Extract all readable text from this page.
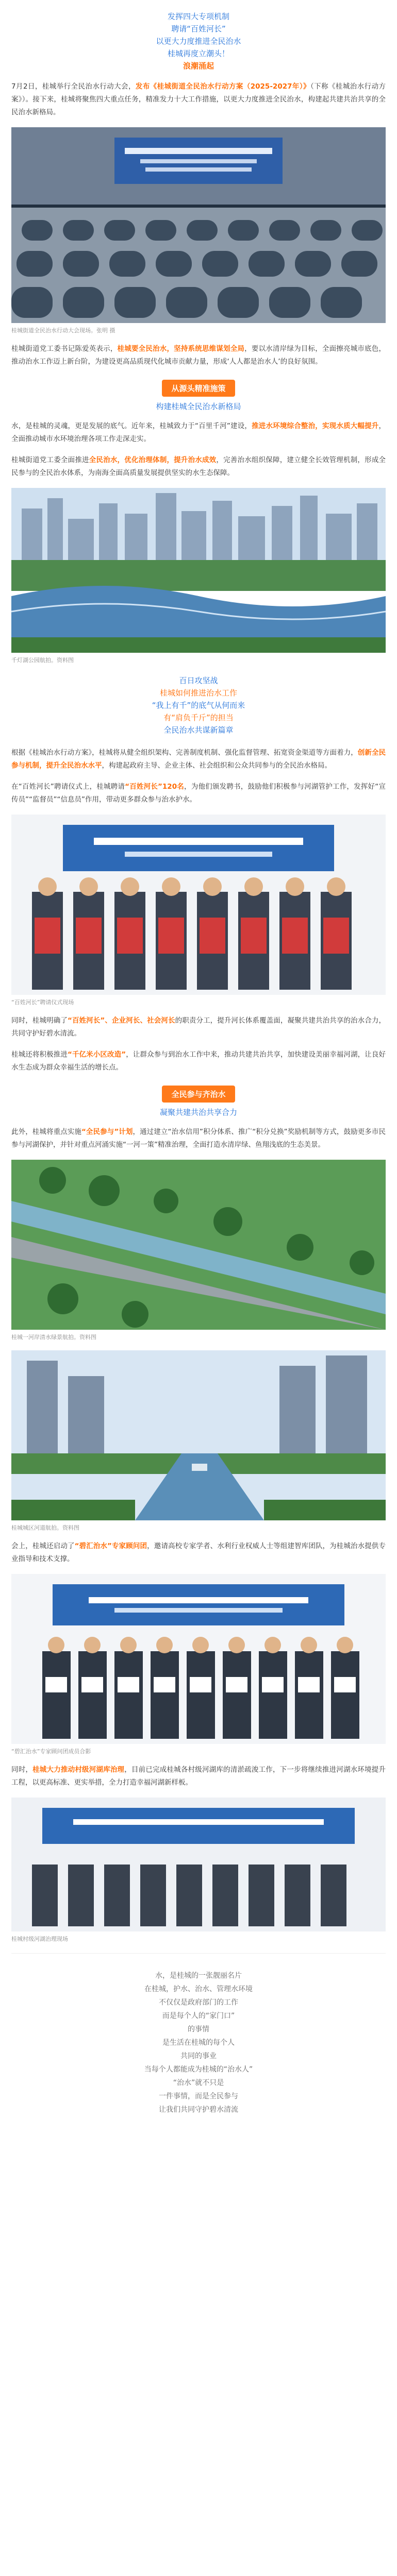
发挥四大专项机制
聘请“百姓河长”
以更大力度推进全民治水
桂城再度立潮头！
浪潮涌起

7月2日，桂城举行全民治水行动大会，发布《桂城街道全民治水行动方案（2025-2027年）》（下称《桂城治水行动方案》）。接下来，桂城将聚焦四大重点任务，精准发力十大工作措施，以更大力度推进全民治水，构建起共建共治共享的全民治水新格局。

桂城街道全民治水行动大会现场。张明 摄

桂城街道党工委书记陈爱英表示，桂城要全民治水，坚持系统思维谋划全局，要以水清岸绿为目标，全面擦亮城市底色，推动治水工作迈上新台阶，为建设更高品质现代化城市贡献力量，形成‘人人都是治水人’的良好氛围。

从源头精准施策
构建桂城全民治水新格局

水，是桂城的灵魂，更是发展的底气。近年来，桂城致力于“百里千河”建设，推进水环境综合整治，实现水质大幅提升，全面推动城市水环境治理各项工作走深走实。

桂城街道党工委全面推进全民治水，优化治理体制，提升治水成效，完善治水组织保障，建立健全长效管理机制，形成全民参与的全民治水体系，为南海全面高质量发展提供坚实的水生态保障。

千灯湖公园航拍。资料图
百日攻坚战
桂城如何推进治水工作
“我上有千”的底气从何而来
有“肩负千斤”的担当
全民治水共谋新篇章

根据《桂城治水行动方案》，桂城将从健全组织架构、完善制度机制、强化监督管理、拓宽资金渠道等方面着力，创新全民参与机制，提升全民治水水平，构建起政府主导、企业主体、社会组织和公众共同参与的全民治水格局。

在“百姓河长”聘请仪式上，桂城聘请“百姓河长”120名，为他们颁发聘书，鼓励他们积极参与河湖管护工作，发挥好“宣传员”“监督员”“信息员”作用，带动更多群众参与治水护水。

“百姓河长”聘请仪式现场

同时，桂城明确了“百姓河长”、企业河长、社会河长的职责分工，提升河长体系覆盖面，凝聚共建共治共享的治水合力，共同守护好碧水清流。

桂城还将积极推进“千亿米小区改造”，让群众参与到治水工作中来，推动共建共治共享，加快建设美丽幸福河湖，让良好水生态成为群众幸福生活的增长点。

全民参与齐治水
凝聚共建共治共享合力

此外，桂城将重点实施“全民参与”计划，通过建立“治水信用”积分体系、推广“积分兑换”奖励机制等方式，鼓励更多市民参与河湖保护，并针对重点河涌实施“一河一策”精准治理，全面打造水清岸绿、鱼翔浅底的生态美景。

桂城一河岸清水绿景航拍。资料图
桂城城区河道航拍。资料图

会上，桂城还启动了“碧汇治水”专家顾问团，邀请高校专家学者、水利行业权威人士等组建智库团队，为桂城治水提供专业指导和技术支撑。

“碧汇治水”专家顾问团成员合影

同时，桂城大力推动村级河湖库治理，目前已完成桂城各村级河湖库的清淤疏浚工作，下一步将继续推进河湖水环境提升工程，以更高标准、更实举措，全力打造幸福河湖新样板。

桂城村级河湖治理现场

水，是桂城的一张靓丽名片

在桂城，护水、治水、管理水环境

不仅仅是政府部门的工作

而是每个人的“家门口”

的事情

是生活在桂城的每个人

共同的事业

当每个人都能成为桂城的“治水人”

“治水”就不只是

一件事情，而是全民参与

让我们共同守护碧水清流
